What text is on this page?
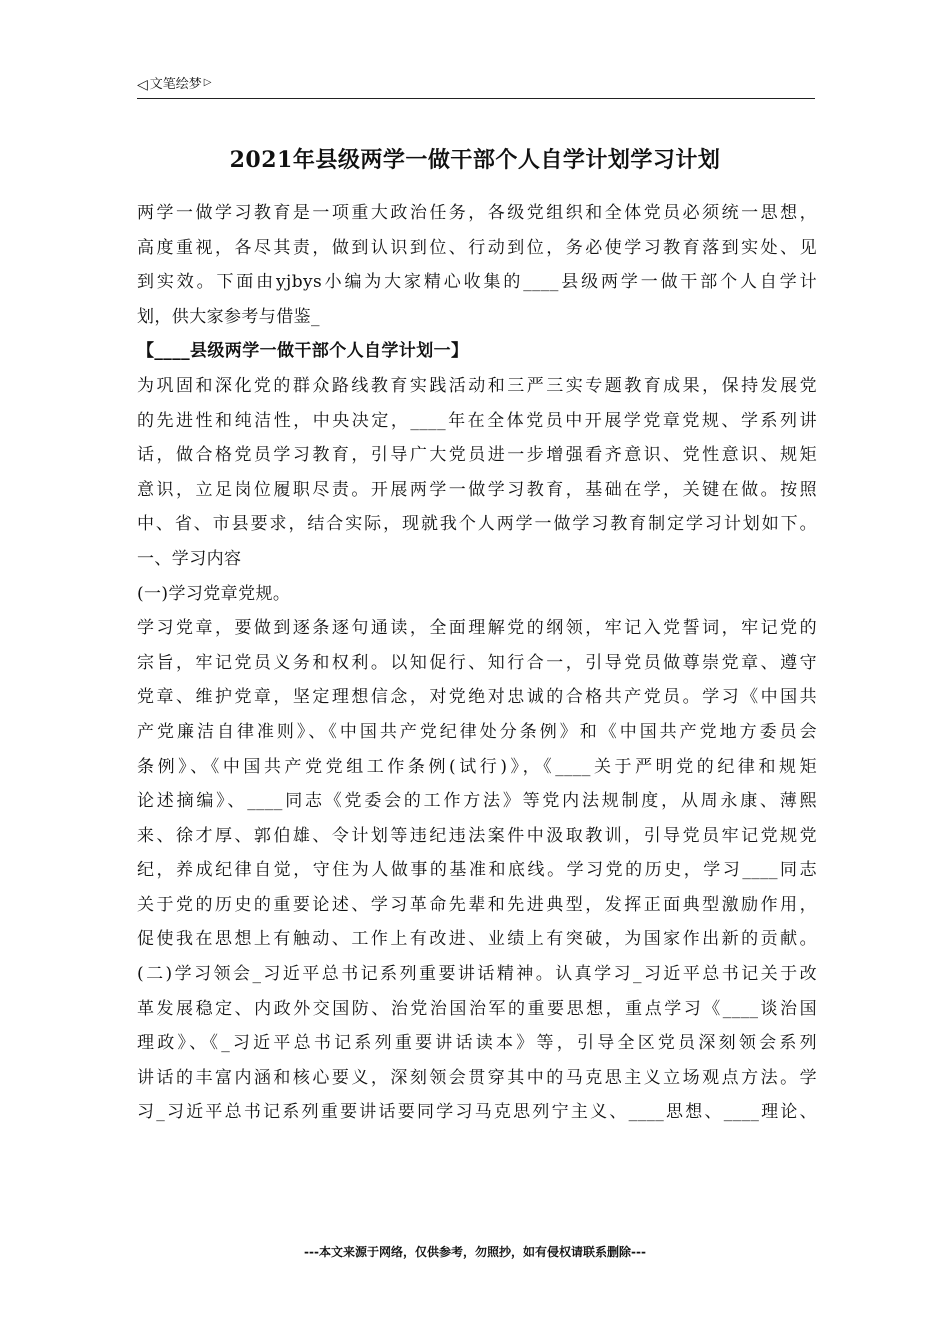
◁ 文笔绘梦 ▷
2021年县级两学一做干部个人自学计划学习计划
两学一做学习教育是一项重大政治任务，各级党组织和全体党员必须统一思想，
高度重视，各尽其责，做到认识到位、行动到位，务必使学习教育落到实处、见
到实效。下面由yjbys小编为大家精心收集的____县级两学一做干部个人自学计
划，供大家参考与借鉴_
【____县级两学一做干部个人自学计划一】
为巩固和深化党的群众路线教育实践活动和三严三实专题教育成果，保持发展党
的先进性和纯洁性，中央决定，____年在全体党员中开展学党章党规、学系列讲
话，做合格党员学习教育，引导广大党员进一步增强看齐意识、党性意识、规矩
意识，立足岗位履职尽责。开展两学一做学习教育，基础在学，关键在做。按照
中、省、市县要求，结合实际，现就我个人两学一做学习教育制定学习计划如下。
一、学习内容
(一)学习党章党规。
学习党章，要做到逐条逐句通读，全面理解党的纲领，牢记入党誓词，牢记党的
宗旨，牢记党员义务和权利。以知促行、知行合一，引导党员做尊崇党章、遵守
党章、维护党章，坚定理想信念，对党绝对忠诚的合格共产党员。学习《中国共
产党廉洁自律准则》、《中国共产党纪律处分条例》和《中国共产党地方委员会
条例》、《中国共产党党组工作条例(试行)》，《____关于严明党的纪律和规矩
论述摘编》、____同志《党委会的工作方法》等党内法规制度，从周永康、薄熙
来、徐才厚、郭伯雄、令计划等违纪违法案件中汲取教训，引导党员牢记党规党
纪，养成纪律自觉，守住为人做事的基准和底线。学习党的历史，学习____同志
关于党的历史的重要论述、学习革命先辈和先进典型，发挥正面典型激励作用，
促使我在思想上有触动、工作上有改进、业绩上有突破，为国家作出新的贡献。
(二)学习领会_习近平总书记系列重要讲话精神。认真学习_习近平总书记关于改
革发展稳定、内政外交国防、治党治国治军的重要思想，重点学习《____谈治国
理政》、《_习近平总书记系列重要讲话读本》等，引导全区党员深刻领会系列
讲话的丰富内涵和核心要义，深刻领会贯穿其中的马克思主义立场观点方法。学
习_习近平总书记系列重要讲话要同学习马克思列宁主义、____思想、____理论、
---本文来源于网络，仅供参考，勿照抄，如有侵权请联系删除---
